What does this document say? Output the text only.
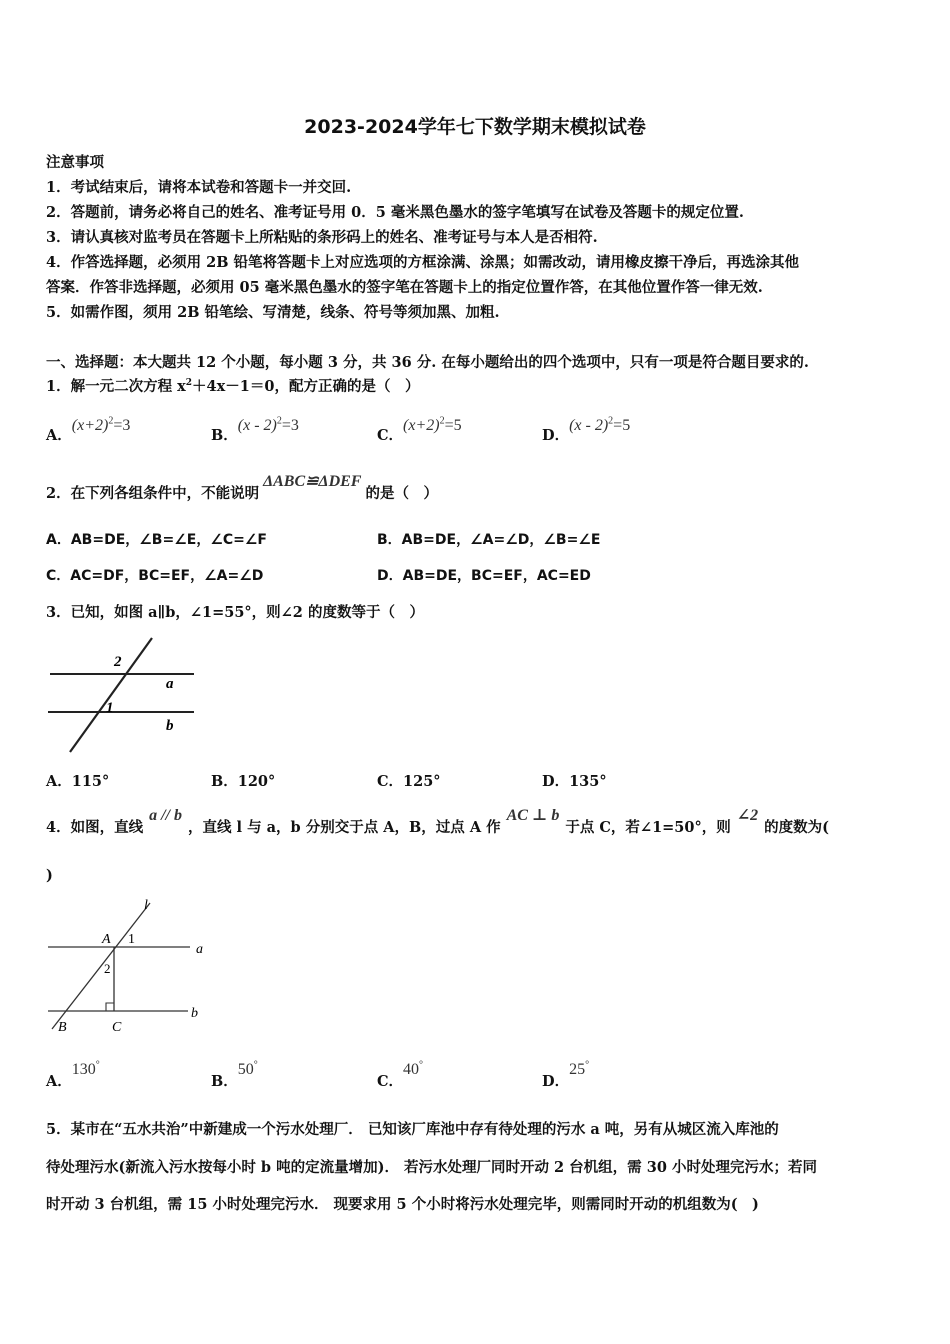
2023-2024学年七下数学期末模拟试卷
注意事项
1．考试结束后，请将本试卷和答题卡一并交回.
2．答题前，请务必将自己的姓名、准考证号用 0．5 毫米黑色墨水的签字笔填写在试卷及答题卡的规定位置.
3．请认真核对监考员在答题卡上所粘贴的条形码上的姓名、准考证号与本人是否相符.
4．作答选择题，必须用 2B 铅笔将答题卡上对应选项的方框涂满、涂黑；如需改动，请用橡皮擦干净后，再选涂其他
答案．作答非选择题，必须用 05 毫米黑色墨水的签字笔在答题卡上的指定位置作答，在其他位置作答一律无效.
5．如需作图，须用 2B 铅笔绘、写清楚，线条、符号等须加黑、加粗.
一、选择题：本大题共 12 个小题，每小题 3 分，共 36 分. 在每小题给出的四个选项中，只有一项是符合题目要求的.
1．解一元二次方程 $x^2+4x-1=0$，配方正确的是（　）
A．$(x+2)^2=3$
B．(x - 2)$^2$=3
C．$(x+2)^2=5$
D．(x - 2)$^2$=5
2．在下列各组条件中，不能说明ΔABC≌ΔDEF的是（　）
A．AB=DE，∠B=∠E，∠C=∠F	B．AB=DE，∠A=∠D，∠B=∠E
C．AC=DF，BC=EF，∠A=∠D	D．AB=DE，BC=EF，AC=ED
3．已知，如图 a∥b，∠1=55°，则∠2 的度数等于（　）
2
a
1
b
A．115°	B．120°	C．125°	D．135°
4．如图，直线a // b，直线 l 与 a，b 分别交于点 A，B，过点 A 作AC ⊥ b于点 C，若∠1=50°，则∠2的度数为(
)
l
A 1
a
2
B	C
b
A．130°
B．50°
C．40°
D．25°
5．某市在“五水共治”中新建成一个污水处理厂． 已知该厂库池中存有待处理的污水 a 吨，另有从城区流入库池的
待处理污水(新流入污水按每小时 b 吨的定流量增加)． 若污水处理厂同时开动 2 台机组，需 30 小时处理完污水；若同
时开动 3 台机组，需 15 小时处理完污水． 现要求用 5 个小时将污水处理完毕，则需同时开动的机组数为(　)
